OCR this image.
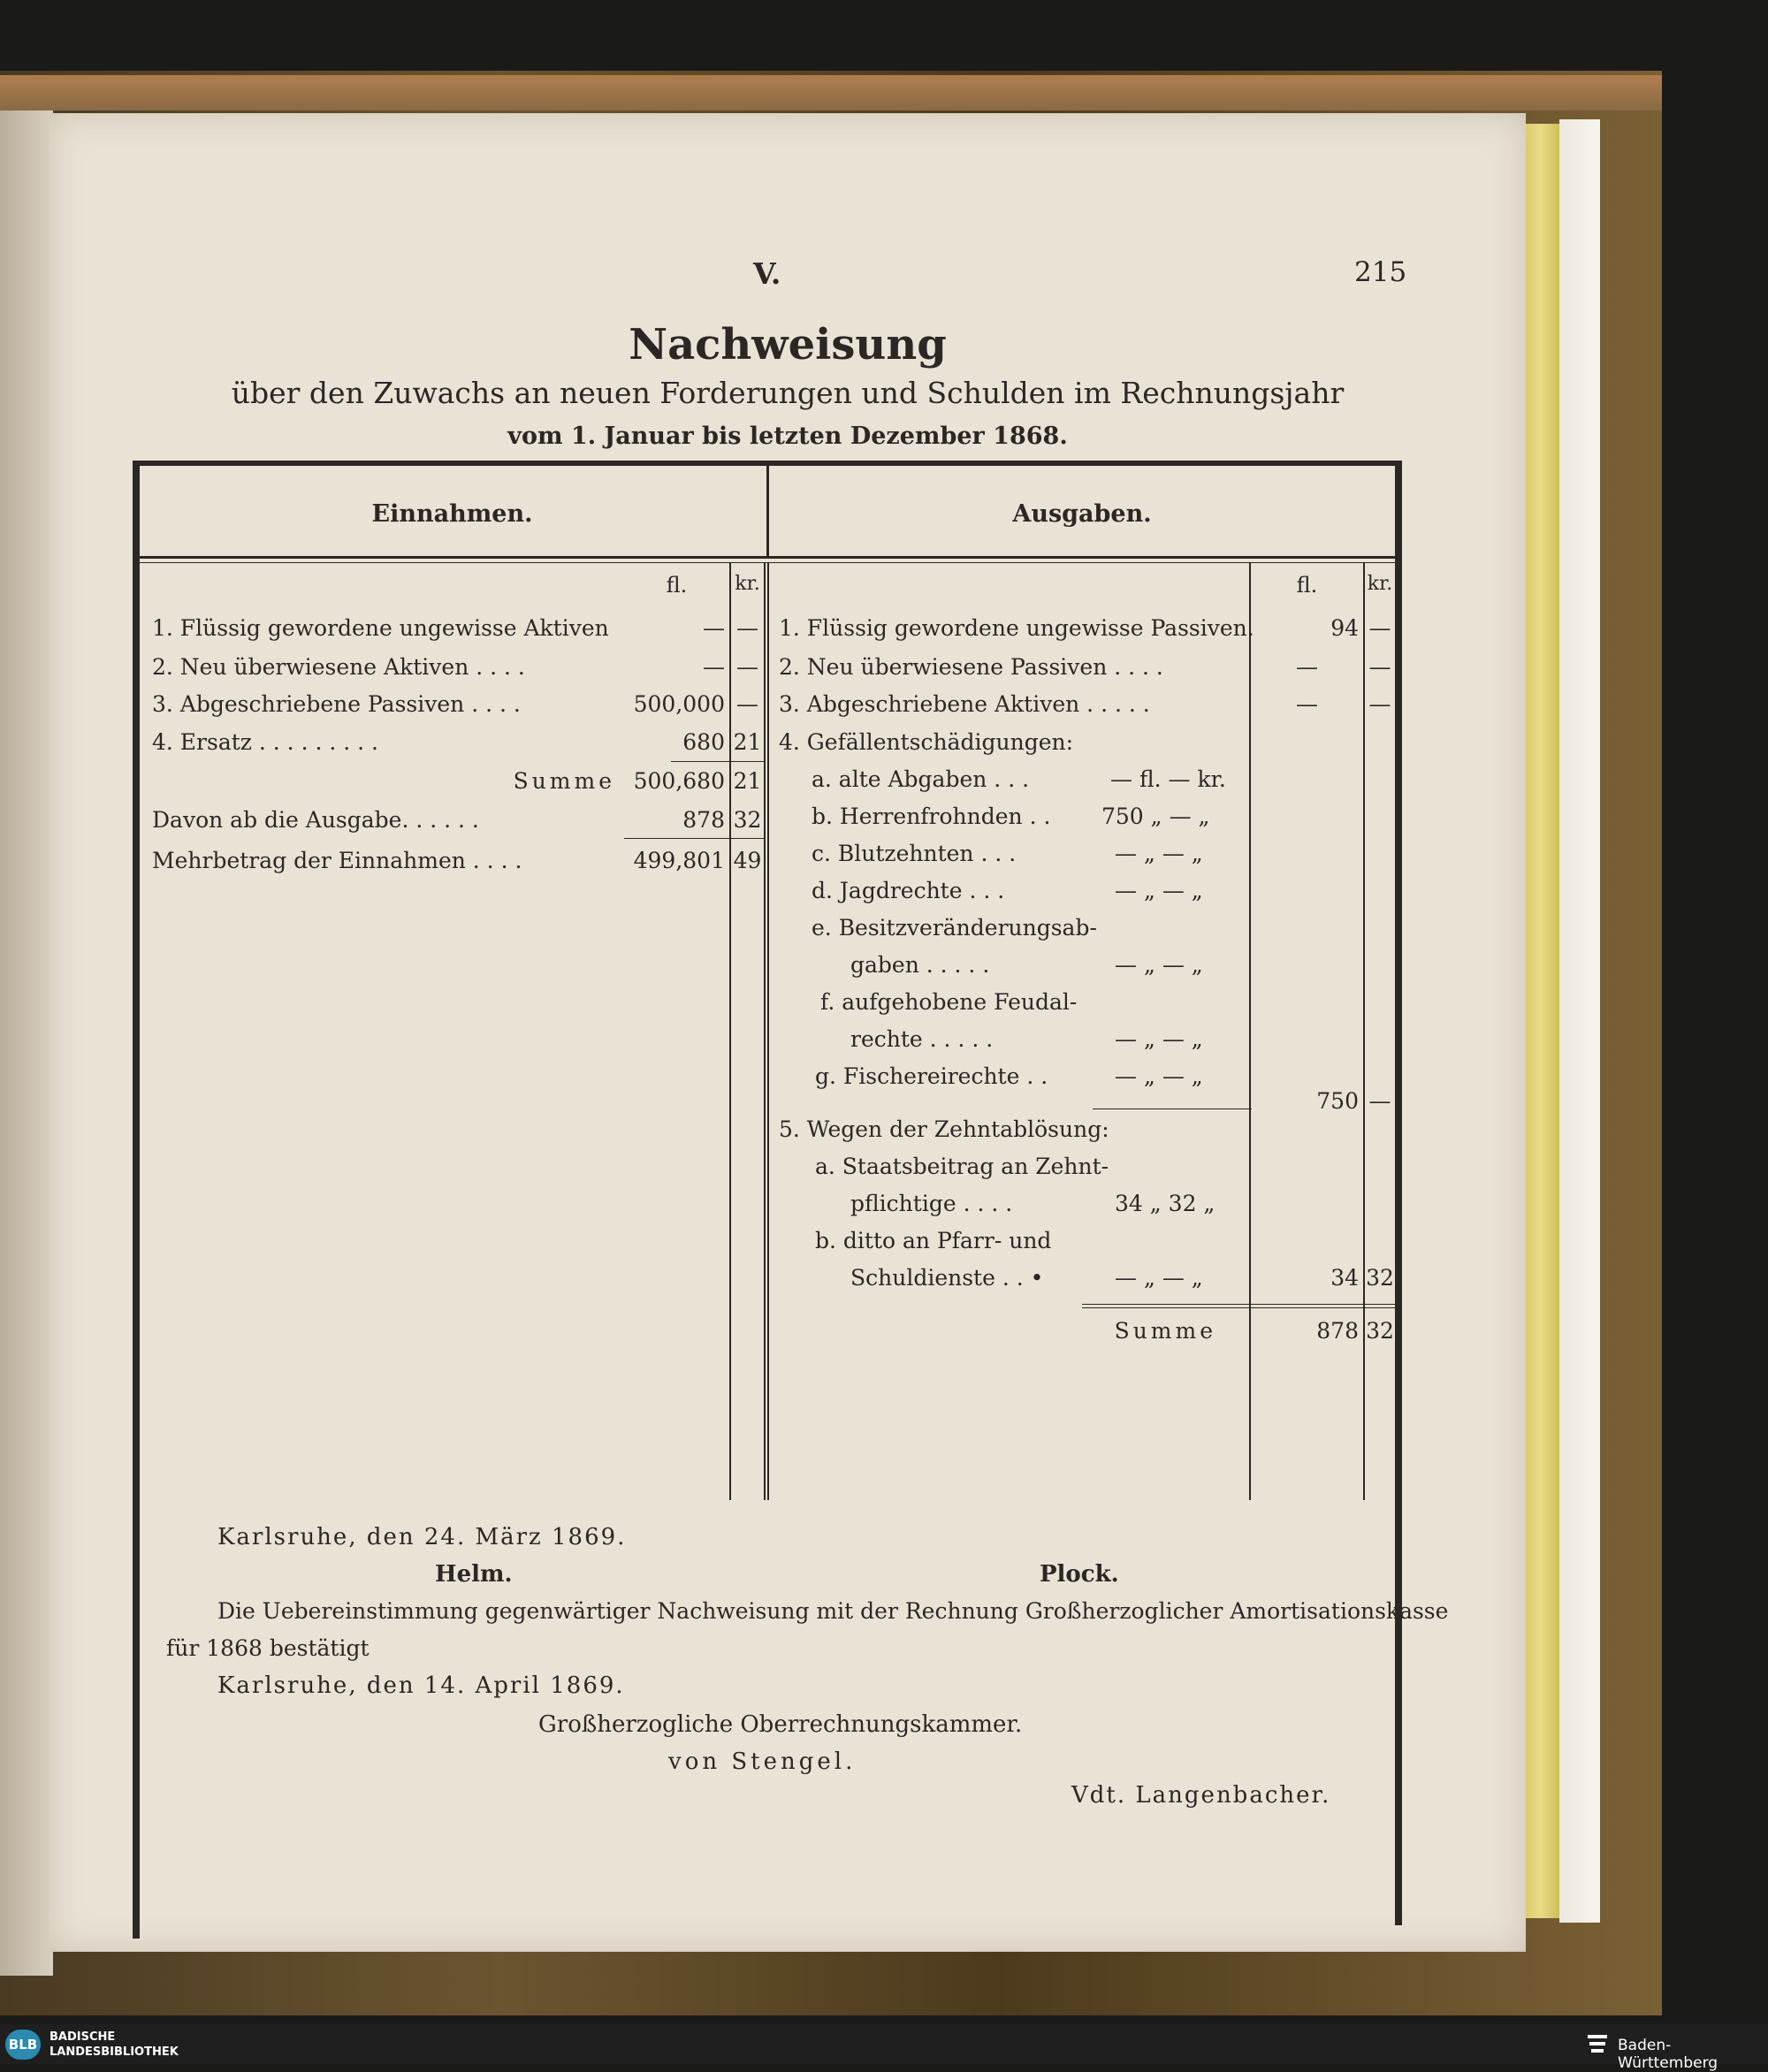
V.	215
Nachweisung
über den Zuwachs an neuen Forderungen und Schulden im Rechnungsjahr
vom 1. Januar bis letzten Dezember 1868.
Einnahmen.	Ausgaben.
fl.	kr.	fl.	kr.
1. Flüssig gewordene ungewisse Aktiven	— —
2. Neu überwiesene Aktiven . . . .	— —
3. Abgeschriebene Passiven . . . .	500,000 —
4. Ersatz . . . . . . . . .	680 21
Summe 500,680 21
Davon ab die Ausgabe. . . . . .	878 32
Mehrbetrag der Einnahmen . . . .	499,801 49
1. Flüssig gewordene ungewisse Passiven.	94 —
2. Neu überwiesene Passiven . . . .	—	—
3. Abgeschriebene Aktiven . . . . .	—	—
4. Gefällentschädigungen:
a. alte Abgaben . . .	— fl. — kr.
b. Herrenfrohnden . . 750 „ — „
c. Blutzehnten . . .	— „ — „
d. Jagdrechte . . .	— „ — „
e. Besitzveränderungsab-
gaben . . . . .	— „ — „
f. aufgehobene Feudal-
rechte . . . . .	— „ — „
g. Fischereirechte . .	— „ — „
750 —
5. Wegen der Zehntablösung:
a. Staatsbeitrag an Zehnt-
pflichtige . . . .	34 „ 32 „
b. ditto an Pfarr- und
Schuldienste . . •	— „ — „	34 32
Summe	878 32
Karlsruhe, den 24. März 1869.
Helm.	Plock.
Die Uebereinstimmung gegenwärtiger Nachweisung mit der Rechnung Großherzoglicher Amortisationskasse
für 1868 bestätigt
Karlsruhe, den 14. April 1869.
Großherzogliche Oberrechnungskammer.
von Stengel.
Vdt. Langenbacher.
BLB BADISCHE
LANDESBIBLIOTHEK	Baden-Württemberg
